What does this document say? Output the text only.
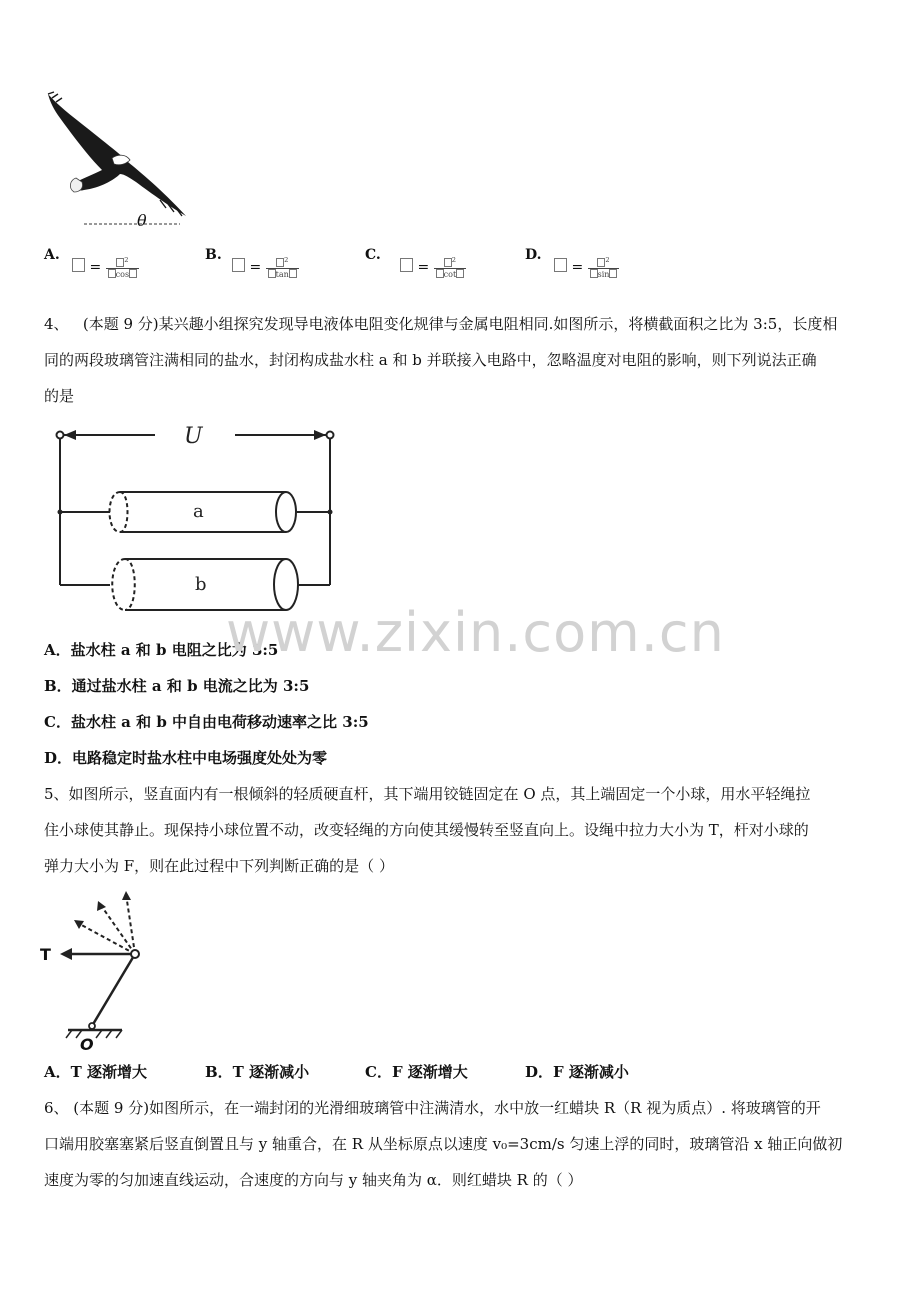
θ
A.
= $\frac{^2}{\cos}$
B.
= $\frac{^2}{\tan}$
C.
= $\frac{^2}{\cot}$
D.
= $\frac{^2}{\sin}$
4、 (本题 9 分)某兴趣小组探究发现导电液体电阻变化规律与金属电阻相同.如图所示，将横截面积之比为 3:5，长度相
同的两段玻璃管注满相同的盐水，封闭构成盐水柱 a 和 b 并联接入电路中，忽略温度对电阻的影响，则下列说法正确
的是
U
a
b
A．盐水柱 a 和 b 电阻之比为 3:5
B．通过盐水柱 a 和 b 电流之比为 3:5
C．盐水柱 a 和 b 中自由电荷移动速率之比 3:5
D．电路稳定时盐水柱中电场强度处处为零
www.zixin.com.cn
5、如图所示，竖直面内有一根倾斜的轻质硬直杆，其下端用铰链固定在 O 点，其上端固定一个小球，用水平轻绳拉
住小球使其静止。现保持小球位置不动，改变轻绳的方向使其缓慢转至竖直向上。设绳中拉力大小为 T，杆对小球的
弹力大小为 F，则在此过程中下列判断正确的是（ ）
T
O
A．T 逐渐增大	B．T 逐渐减小	C．F 逐渐增大	D．F 逐渐减小
6、 (本题 9 分)如图所示，在一端封闭的光滑细玻璃管中注满清水，水中放一红蜡块 R（R 视为质点）. 将玻璃管的开
口端用胶塞塞紧后竖直倒置且与 y 轴重合，在 R 从坐标原点以速度 v₀=3cm/s 匀速上浮的同时，玻璃管沿 x 轴正向做初
速度为零的匀加速直线运动，合速度的方向与 y 轴夹角为 α．则红蜡块 R 的（ ）
